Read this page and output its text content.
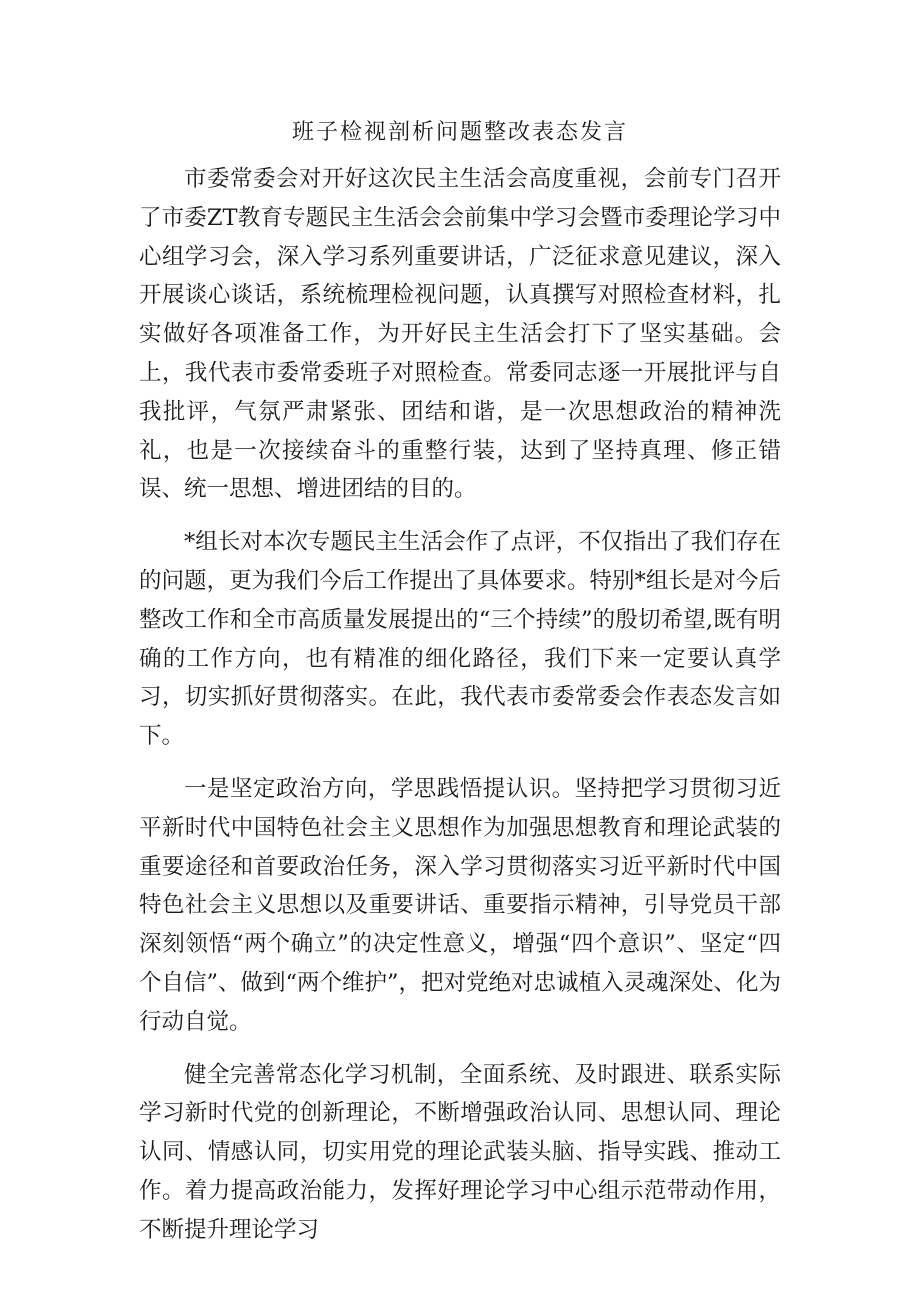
班子检视剖析问题整改表态发言

市委常委会对开好这次民主生活会高度重视，会前专门召开了市委ZT教育专题民主生活会会前集中学习会暨市委理论学习中心组学习会，深入学习系列重要讲话，广泛征求意见建议，深入开展谈心谈话，系统梳理检视问题，认真撰写对照检查材料，扎实做好各项准备工作，为开好民主生活会打下了坚实基础。会上，我代表市委常委班子对照检查。常委同志逐一开展批评与自我批评，气氛严肃紧张、团结和谐，是一次思想政治的精神洗礼，也是一次接续奋斗的重整行装，达到了坚持真理、修正错误、统一思想、增进团结的目的。

*组长对本次专题民主生活会作了点评，不仅指出了我们存在的问题，更为我们今后工作提出了具体要求。特别*组长是对今后整改工作和全市高质量发展提出的“三个持续”的殷切希望,既有明确的工作方向，也有精准的细化路径，我们下来一定要认真学习，切实抓好贯彻落实。在此，我代表市委常委会作表态发言如下。

一是坚定政治方向，学思践悟提认识。坚持把学习贯彻习近平新时代中国特色社会主义思想作为加强思想教育和理论武装的重要途径和首要政治任务，深入学习贯彻落实习近平新时代中国特色社会主义思想以及重要讲话、重要指示精神，引导党员干部深刻领悟“两个确立”的决定性意义，增强“四个意识”、坚定“四个自信”、做到“两个维护”，把对党绝对忠诚植入灵魂深处、化为行动自觉。

健全完善常态化学习机制，全面系统、及时跟进、联系实际学习新时代党的创新理论，不断增强政治认同、思想认同、理论认同、情感认同，切实用党的理论武装头脑、指导实践、推动工作。着力提高政治能力，发挥好理论学习中心组示范带动作用，不断提升理论学习
